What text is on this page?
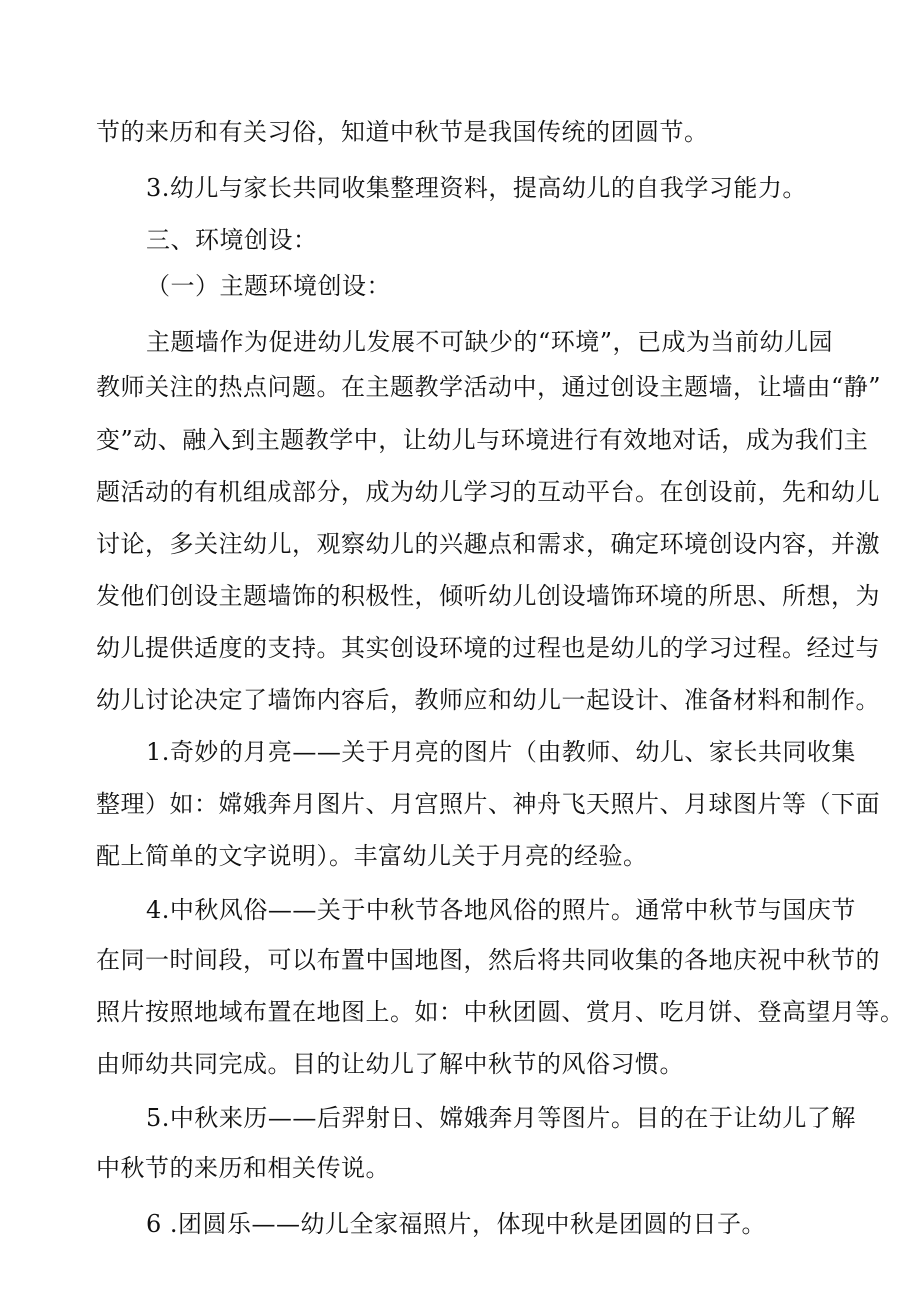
节的来历和有关习俗，知道中秋节是我国传统的团圆节。
3.幼儿与家长共同收集整理资料，提高幼儿的自我学习能力。
三、环境创设：
（一）主题环境创设：
主题墙作为促进幼儿发展不可缺少的“环境”，已成为当前幼儿园
教师关注的热点问题。在主题教学活动中，通过创设主题墙，让墙由“静”
变”动、融入到主题教学中，让幼儿与环境进行有效地对话，成为我们主
题活动的有机组成部分，成为幼儿学习的互动平台。在创设前，先和幼儿
讨论，多关注幼儿，观察幼儿的兴趣点和需求，确定环境创设内容，并激
发他们创设主题墙饰的积极性，倾听幼儿创设墙饰环境的所思、所想，为
幼儿提供适度的支持。其实创设环境的过程也是幼儿的学习过程。经过与
幼儿讨论决定了墙饰内容后，教师应和幼儿一起设计、准备材料和制作。
1.奇妙的月亮——关于月亮的图片（由教师、幼儿、家长共同收集
整理）如：嫦娥奔月图片、月宫照片、神舟飞天照片、月球图片等（下面
配上简单的文字说明）。丰富幼儿关于月亮的经验。
4.中秋风俗——关于中秋节各地风俗的照片。通常中秋节与国庆节
在同一时间段，可以布置中国地图，然后将共同收集的各地庆祝中秋节的
照片按照地域布置在地图上。如：中秋团圆、赏月、吃月饼、登高望月等。
由师幼共同完成。目的让幼儿了解中秋节的风俗习惯。
5.中秋来历——后羿射日、嫦娥奔月等图片。目的在于让幼儿了解
中秋节的来历和相关传说。
6 .团圆乐——幼儿全家福照片，体现中秋是团圆的日子。
